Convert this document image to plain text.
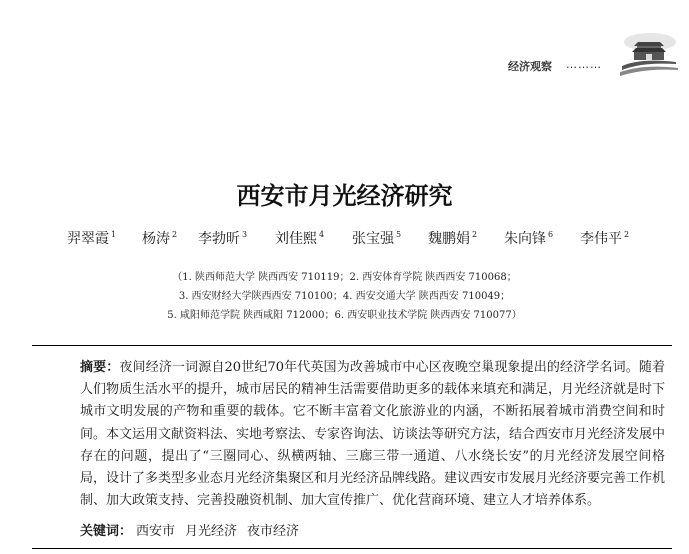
经济观察 ………
西安市月光经济研究
羿翠霞 $^1$ 杨涛 $^2$ 李勃昕 $^3$ 刘佳熙 $^4$ 张宝强 $^5$ 魏鹏娟 $^2$ 朱向锋 $^6$ 李伟平 $^2$
（1. 陕西师范大学 陕西西安 710119；2. 西安体育学院 陕西西安 710068；
3. 西安财经大学陕西西安 710100；4. 西安交通大学 陕西西安 710049；
5. 咸阳师范学院 陕西咸阳 712000；6. 西安职业技术学院 陕西西安 710077）

摘要：夜间经济一词源自20世纪70年代英国为改善城市中心区夜晚空巢现象提出的经济学名词。随着人们物质生活水平的提升，城市居民的精神生活需要借助更多的载体来填充和满足，月光经济就是时下城市文明发展的产物和重要的载体。它不断丰富着文化旅游业的内涵，不断拓展着城市消费空间和时间。本文运用文献资料法、实地考察法、专家咨询法、访谈法等研究方法，结合西安市月光经济发展中存在的问题，提出了“三圈同心、纵横两轴、三廊三带一通道、八水绕长安”的月光经济发展空间格局，设计了多类型多业态月光经济集聚区和月光经济品牌线路。建议西安市发展月光经济要完善工作机制、加大政策支持、完善投融资机制、加大宣传推广、优化营商环境、建立人才培养体系。

关键词： 西安市 月光经济 夜市经济
